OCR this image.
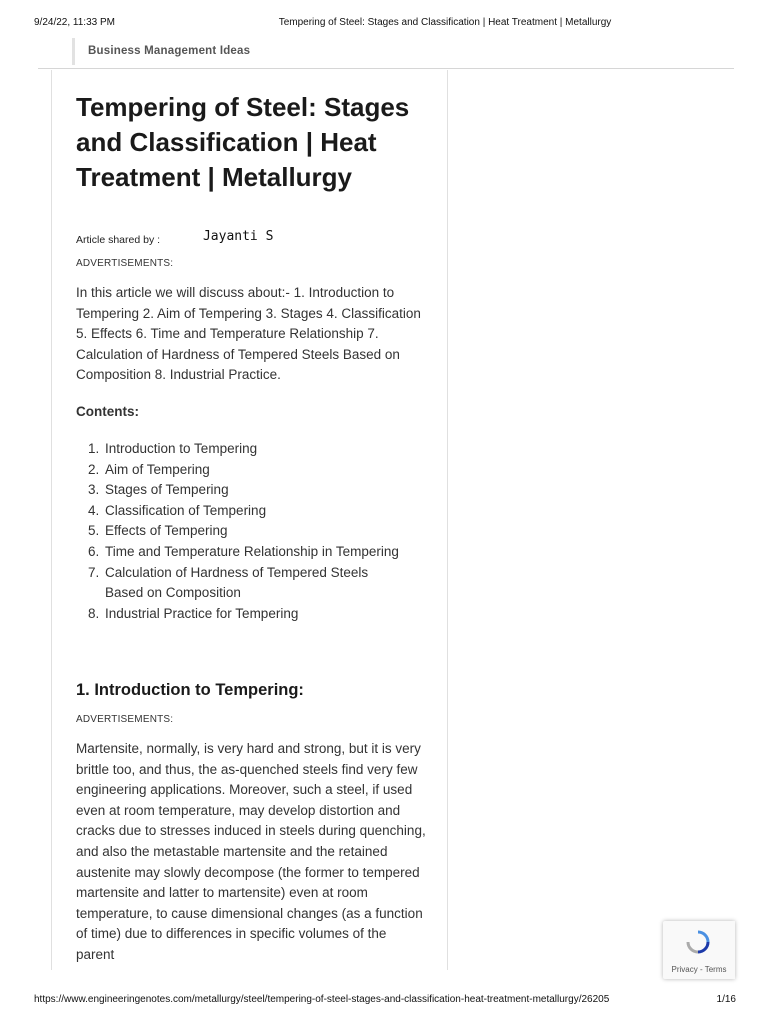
9/24/22, 11:33 PM	Tempering of Steel: Stages and Classification | Heat Treatment | Metallurgy
Business Management Ideas
Tempering of Steel: Stages and Classification | Heat Treatment | Metallurgy
Article shared by :	Jayanti S
ADVERTISEMENTS:

In this article we will discuss about:- 1. Introduction to Tempering 2. Aim of Tempering 3. Stages 4. Classification 5. Effects 6. Time and Temperature Relationship 7. Calculation of Hardness of Tempered Steels Based on Composition 8. Industrial Practice.

Contents:
1. Introduction to Tempering
2. Aim of Tempering
3. Stages of Tempering
4. Classification of Tempering
5. Effects of Tempering
6. Time and Temperature Relationship in Tempering
7. Calculation of Hardness of Tempered Steels Based on Composition
8. Industrial Practice for Tempering
1. Introduction to Tempering:
ADVERTISEMENTS:

Martensite, normally, is very hard and strong, but it is very brittle too, and thus, the as-quenched steels find very few engineering applications. Moreover, such a steel, if used even at room temperature, may develop distortion and cracks due to stresses induced in steels during quenching, and also the metastable martensite and the retained austenite may slowly decompose (the former to tempered martensite and latter to martensite) even at room temperature, to cause dimensional changes (as a function of time) due to differences in specific volumes of the parent

Privacy - Terms
https://www.engineeringenotes.com/metallurgy/steel/tempering-of-steel-stages-and-classification-heat-treatment-metallurgy/26205	1/16
